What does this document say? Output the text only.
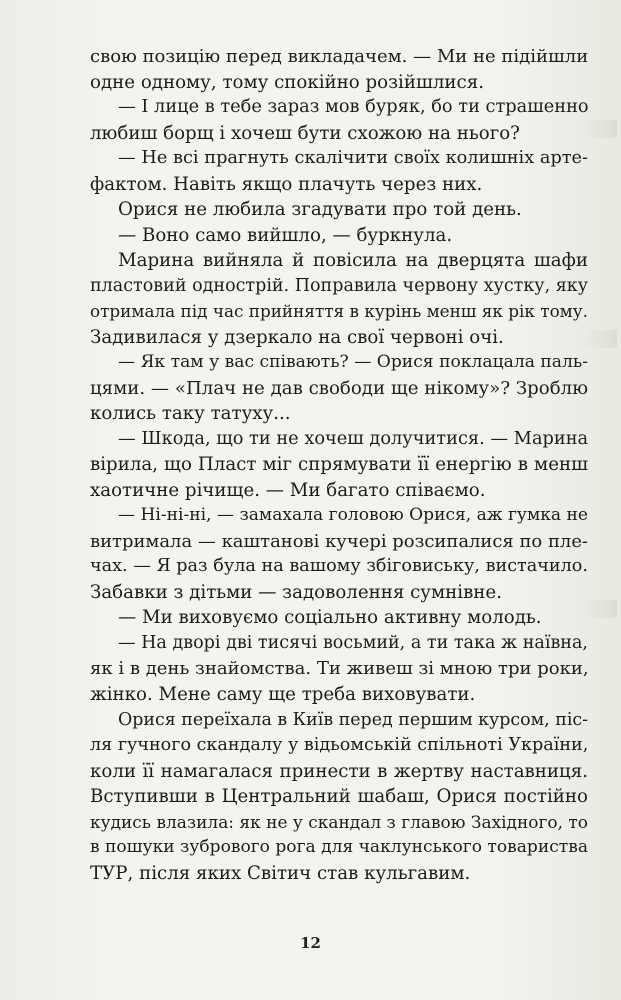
свою позицію перед викладачем. — Ми не підійшли
одне одному, тому спокійно розійшлися.
— І лице в тебе зараз мов буряк, бо ти страшенно
любиш борщ і хочеш бути схожою на нього?
— Не всі прагнуть скалічити своїх колишніх арте-
фактом. Навіть якщо плачуть через них.
Орися не любила згадувати про той день.
— Воно само вийшло, — буркнула.
Марина вийняла й повісила на дверцята шафи
пластовий однострій. Поправила червону хустку, яку
отримала під час прийняття в курінь менш як рік тому.
Задивилася у дзеркало на свої червоні очі.
— Як там у вас співають? — Орися поклацала паль-
цями. — «Плач не дав свободи ще нікому»? Зроблю
колись таку татуху...
— Шкода, що ти не хочеш долучитися. — Марина
вірила, що Пласт міг спрямувати її енергію в менш
хаотичне річище. — Ми багато співаємо.
— Ні-ні-ні, — замахала головою Орися, аж гумка не
витримала — каштанові кучері розсипалися по пле-
чах. — Я раз була на вашому збіговиську, вистачило.
Забавки з дітьми — задоволення сумнівне.
— Ми виховуємо соціально активну молодь.
— На дворі дві тисячі восьмий, а ти така ж наївна,
як і в день знайомства. Ти живеш зі мною три роки,
жінко. Мене саму ще треба виховувати.
Орися переїхала в Київ перед першим курсом, піс-
ля гучного скандалу у відьомській спільноті України,
коли її намагалася принести в жертву наставниця.
Вступивши в Центральний шабаш, Орися постійно
кудись влазила: як не у скандал з главою Західного, то
в пошуки зубрового рога для чаклунського товариства
ТУР, після яких Світич став кульгавим.
12
